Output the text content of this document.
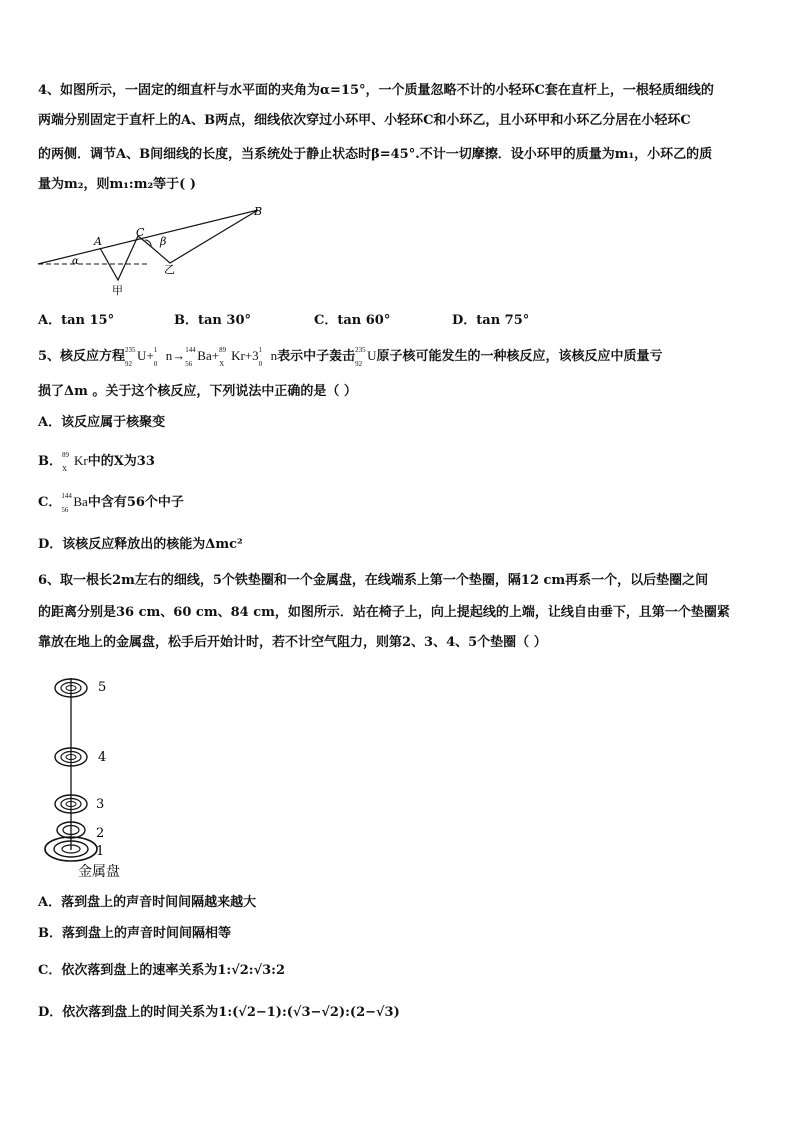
4、如图所示，一固定的细直杆与水平面的夹角为α=15°，一个质量忽略不计的小轻环C套在直杆上，一根轻质细线的
两端分别固定于直杆上的A、B两点，细线依次穿过小环甲、小轻环C和小环乙，且小环甲和小环乙分居在小轻环C
的两侧．调节A、B间细线的长度，当系统处于静止状态时β=45°.不计一切摩擦．设小环甲的质量为m₁，小环乙的质
量为m₂，则m₁:m₂等于( )
A
C
B
α
β
甲
乙
A．tan 15°	B．tan 30°	C．tan 60°	D．tan 75°
5、核反应方程 235
92
U+ 1
0
n→ 144
56
Ba+ 89
X
Kr+3 1
0
n表示中子轰击 235
92
U原子核可能发生的一种核反应，该核反应中质量亏
损了Δm 。关于这个核反应，下列说法中正确的是（ ）
A．该反应属于核聚变
B． 89
X
Kr中的X为33
C． 144
56
Ba中含有56个中子
D．该核反应释放出的核能为Δmc²
6、取一根长2m左右的细线，5个铁垫圈和一个金属盘，在线端系上第一个垫圈，隔12 cm再系一个，以后垫圈之间
的距离分别是36 cm、60 cm、84 cm，如图所示．站在椅子上，向上提起线的上端，让线自由垂下，且第一个垫圈紧
靠放在地上的金属盘，松手后开始计时，若不计空气阻力，则第2、3、4、5个垫圈（ ）
5
4
3
2
1
金属盘
A．落到盘上的声音时间间隔越来越大
B．落到盘上的声音时间间隔相等
C．依次落到盘上的速率关系为1:√2:√3:2
D．依次落到盘上的时间关系为1:(√2−1):(√3−√2):(2−√3)
